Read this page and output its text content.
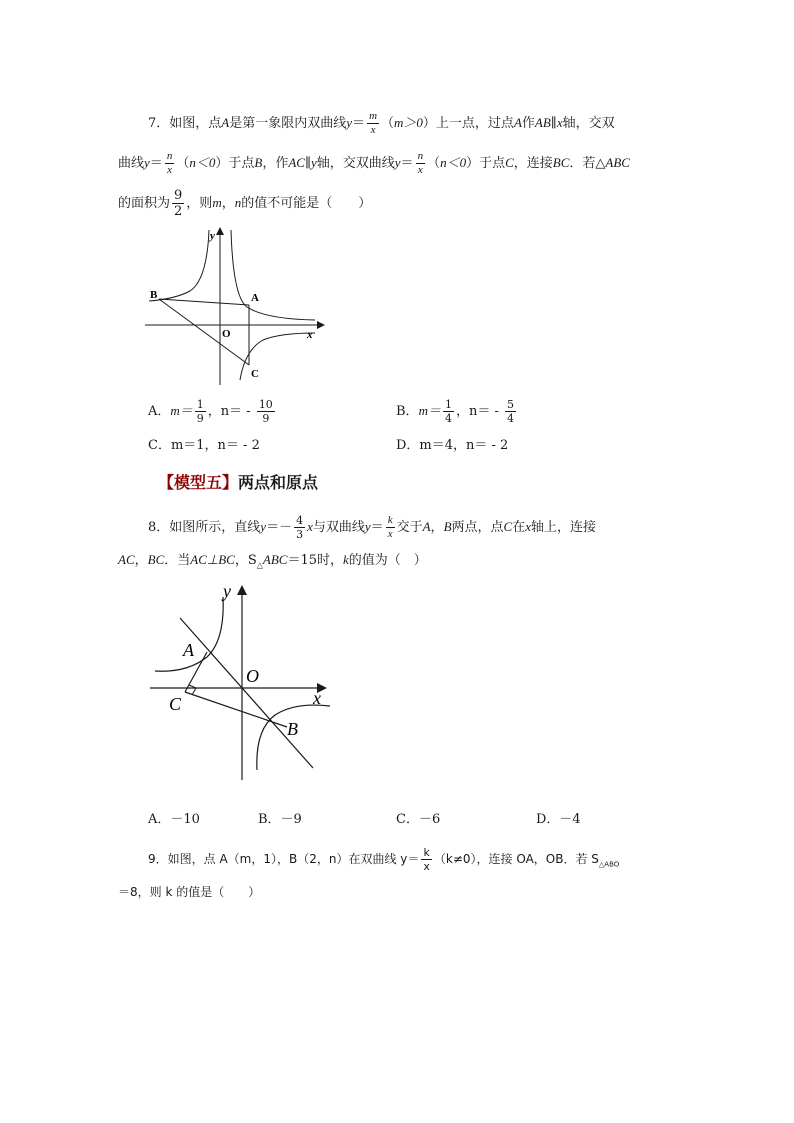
7．如图，点A是第一象限内双曲线$y= \frac{m}{x} (m>0)$上一点，过点A作AB∥x轴，交双
曲线$y= \frac{n}{x} (n<0)$于点B，作AC∥y轴，交双曲线$y= \frac{n}{x} (n<0)$于点C，连接BC．若△ABC
的面积为 $\frac{9}{2}$ ，则m，n的值不可能是（　　）
B	A
O
C
x
y
A．$m= \frac{1}{9}$ ，$n= - \frac{10}{9}$	B．$m= \frac{1}{4}$ ，$n= - \frac{5}{4}$
C．m＝1，n＝ - 2	D．m＝4，n＝ - 2
【模型五】两点和原点
8．如图所示，直线$y=- \frac{4}{3}$ x与双曲线$y= \frac{k}{x}$ 交于A，B两点，点C在x轴上，连接
AC，BC．当AC⊥BC，$S_\triangle ABC=15$时，k的值为（　）
y
A
O
C	x
B
A．－10	B．－9	C．－6	D．－4
9．如图，点 A（m，1），B（2，n）在双曲线 $y= \frac{k}{x} (k\ne 0)$，连接 OA，OB．若 $S_{\triangle ABO}$
＝8，则 k 的值是（　　）
